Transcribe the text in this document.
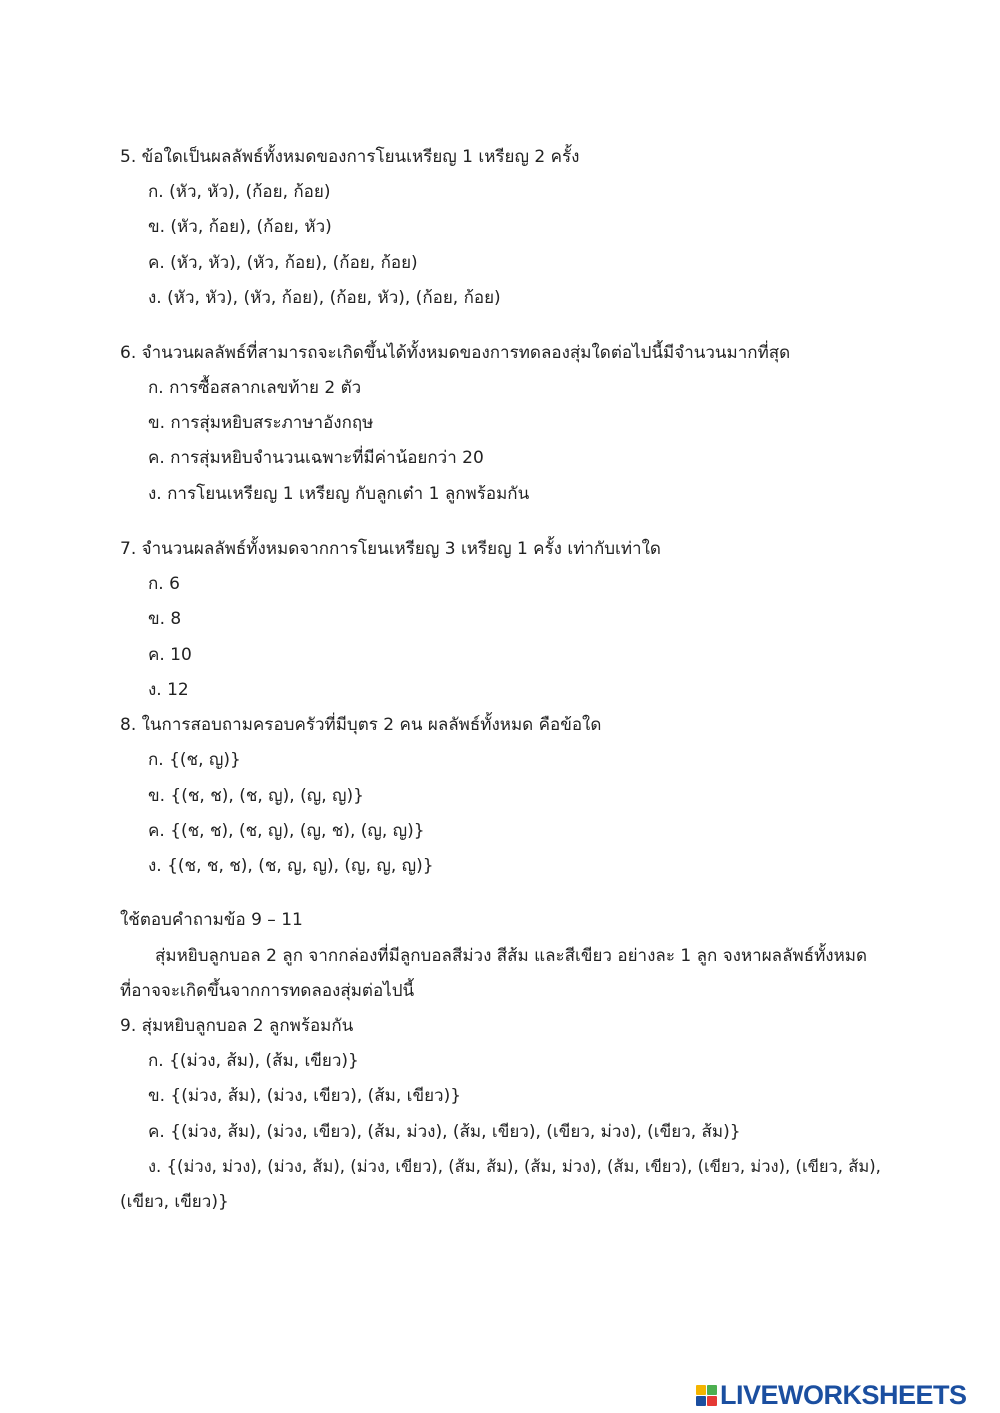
5. ข้อใดเป็นผลลัพธ์ทั้งหมดของการโยนเหรียญ 1 เหรียญ 2 ครั้ง
ก. (หัว, หัว), (ก้อย, ก้อย)
ข. (หัว, ก้อย), (ก้อย, หัว)
ค. (หัว, หัว), (หัว, ก้อย), (ก้อย, ก้อย)
ง. (หัว, หัว), (หัว, ก้อย), (ก้อย, หัว), (ก้อย, ก้อย)
6. จำนวนผลลัพธ์ที่สามารถจะเกิดขึ้นได้ทั้งหมดของการทดลองสุ่มใดต่อไปนี้มีจำนวนมากที่สุด
ก. การซื้อสลากเลขท้าย 2 ตัว
ข. การสุ่มหยิบสระภาษาอังกฤษ
ค. การสุ่มหยิบจำนวนเฉพาะที่มีค่าน้อยกว่า 20
ง. การโยนเหรียญ 1 เหรียญ กับลูกเต๋า 1 ลูกพร้อมกัน
7. จำนวนผลลัพธ์ทั้งหมดจากการโยนเหรียญ 3 เหรียญ 1 ครั้ง เท่ากับเท่าใด
ก. 6
ข. 8
ค. 10
ง. 12
8. ในการสอบถามครอบครัวที่มีบุตร 2 คน ผลลัพธ์ทั้งหมด คือข้อใด
ก. {(ช, ญ)}
ข. {(ช, ช), (ช, ญ), (ญ, ญ)}
ค. {(ช, ช), (ช, ญ), (ญ, ช), (ญ, ญ)}
ง. {(ช, ช, ช), (ช, ญ, ญ), (ญ, ญ, ญ)}
ใช้ตอบคำถามข้อ 9 – 11
สุ่มหยิบลูกบอล 2 ลูก จากกล่องที่มีลูกบอลสีม่วง สีส้ม และสีเขียว อย่างละ 1 ลูก จงหาผลลัพธ์ทั้งหมด
ที่อาจจะเกิดขึ้นจากการทดลองสุ่มต่อไปนี้
9. สุ่มหยิบลูกบอล 2 ลูกพร้อมกัน
ก. {(ม่วง, ส้ม), (ส้ม, เขียว)}
ข. {(ม่วง, ส้ม), (ม่วง, เขียว), (ส้ม, เขียว)}
ค. {(ม่วง, ส้ม), (ม่วง, เขียว), (ส้ม, ม่วง), (ส้ม, เขียว), (เขียว, ม่วง), (เขียว, ส้ม)}
ง. {(ม่วง, ม่วง), (ม่วง, ส้ม), (ม่วง, เขียว), (ส้ม, ส้ม), (ส้ม, ม่วง), (ส้ม, เขียว), (เขียว, ม่วง), (เขียว, ส้ม),
(เขียว, เขียว)}
LIVEWORKSHEETS
